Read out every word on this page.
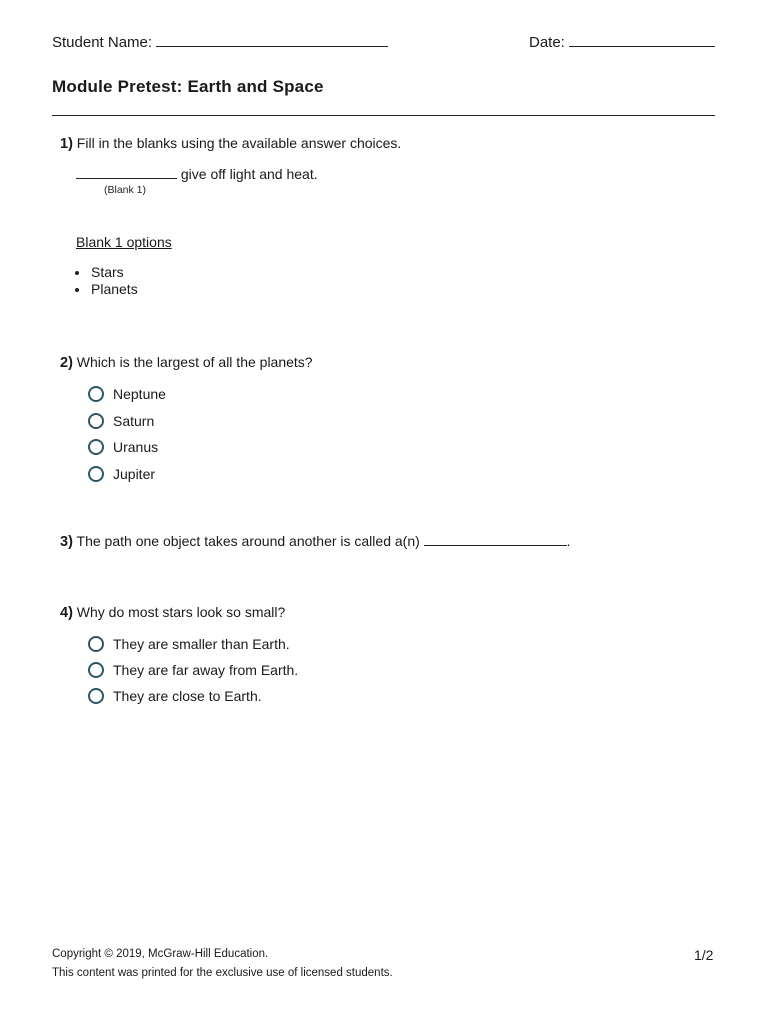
Student Name:	Date:
Module Pretest: Earth and Space
1) Fill in the blanks using the available answer choices.
give off light and heat.
(Blank 1)
Blank 1 options
Stars
Planets
2) Which is the largest of all the planets?
Neptune
Saturn
Uranus
Jupiter
3) The path one object takes around another is called a(n)	.
4) Why do most stars look so small?
They are smaller than Earth.
They are far away from Earth.
They are close to Earth.
Copyright © 2019, McGraw-Hill Education.
This content was printed for the exclusive use of licensed students.
1/2
